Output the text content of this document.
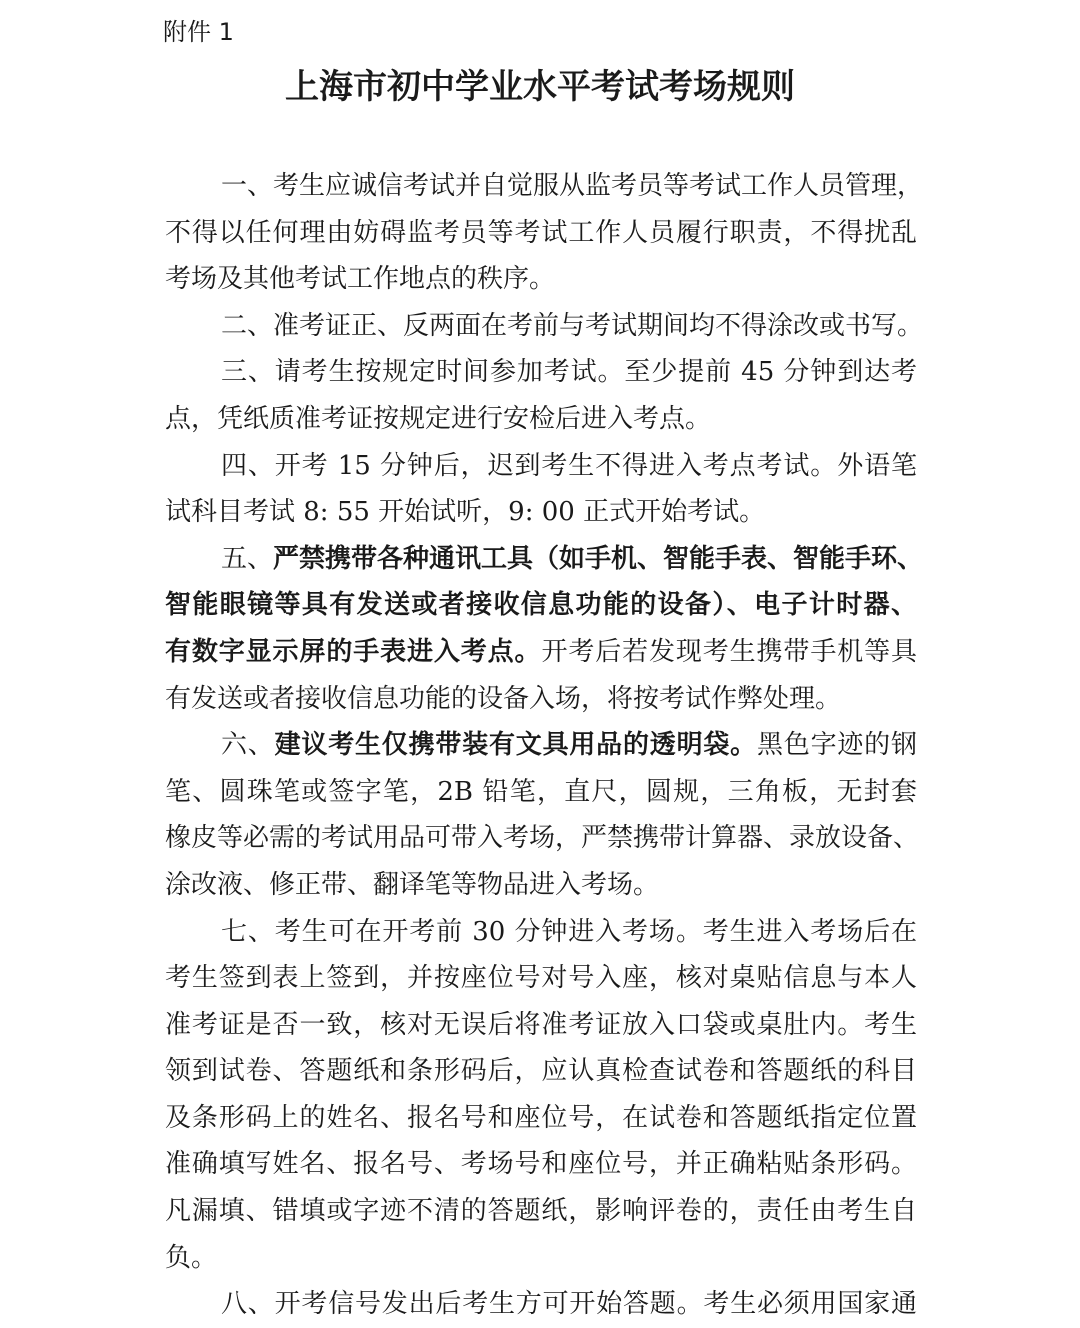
附件 1
上海市初中学业水平考试考场规则
一、考生应诚信考试并自觉服从监考员等考试工作人员管理，
不得以任何理由妨碍监考员等考试工作人员履行职责，不得扰乱
考场及其他考试工作地点的秩序。
二、准考证正、反两面在考前与考试期间均不得涂改或书写。
三、请考生按规定时间参加考试。至少提前 45 分钟到达考
点，凭纸质准考证按规定进行安检后进入考点。
四、开考 15 分钟后，迟到考生不得进入考点考试。外语笔
试科目考试 8: 55 开始试听，9: 00 正式开始考试。
五、严禁携带各种通讯工具（如手机、智能手表、智能手环、
智能眼镜等具有发送或者接收信息功能的设备）、电子计时器、
有数字显示屏的手表进入考点。开考后若发现考生携带手机等具
有发送或者接收信息功能的设备入场，将按考试作弊处理。
六、建议考生仅携带装有文具用品的透明袋。黑色字迹的钢
笔、圆珠笔或签字笔，2B 铅笔，直尺，圆规，三角板，无封套
橡皮等必需的考试用品可带入考场，严禁携带计算器、录放设备、
涂改液、修正带、翻译笔等物品进入考场。
七、考生可在开考前 30 分钟进入考场。考生进入考场后在
考生签到表上签到，并按座位号对号入座，核对桌贴信息与本人
准考证是否一致，核对无误后将准考证放入口袋或桌肚内。考生
领到试卷、答题纸和条形码后，应认真检查试卷和答题纸的科目
及条形码上的姓名、报名号和座位号，在试卷和答题纸指定位置
准确填写姓名、报名号、考场号和座位号，并正确粘贴条形码。
凡漏填、错填或字迹不清的答题纸，影响评卷的，责任由考生自
负。
八、开考信号发出后考生方可开始答题。考生必须用国家通
